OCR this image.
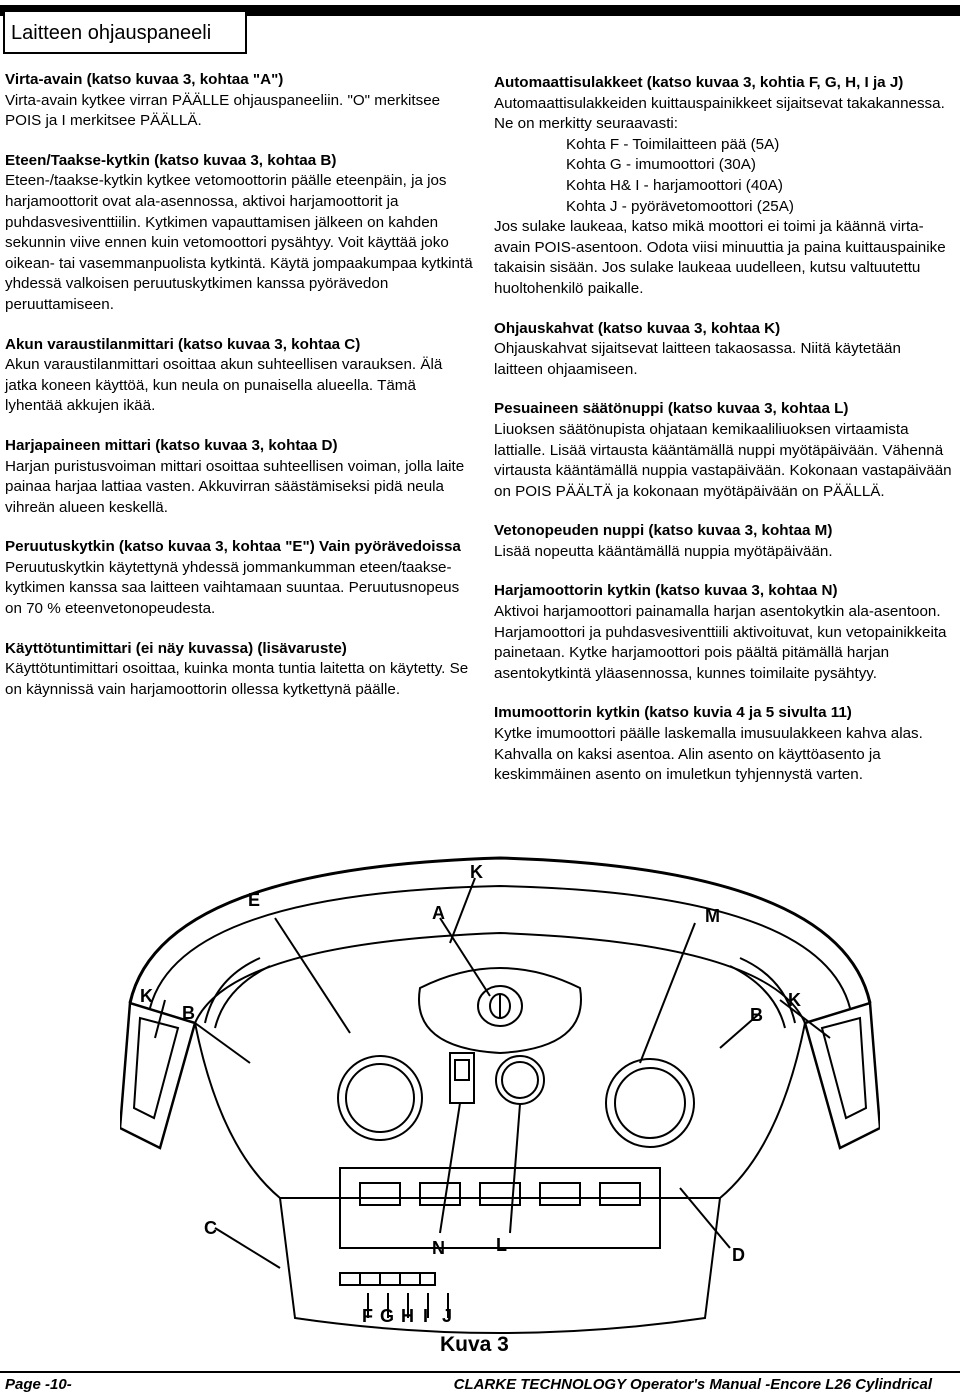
Laitteen ohjauspaneeli
Virta-avain (katso kuvaa 3, kohtaa "A")

Virta-avain kytkee virran PÄÄLLE ohjauspaneeliin. "O" merkitsee POIS ja I merkitsee PÄÄLLÄ.

Eteen/Taakse-kytkin (katso kuvaa 3, kohtaa B)

Eteen-/taakse-kytkin kytkee vetomoottorin päälle eteenpäin, ja jos harjamoottorit ovat ala-asennossa, aktivoi harjamoottorit ja puhdasvesiventtiilin. Kytkimen vapauttamisen jälkeen on kahden sekunnin viive ennen kuin vetomoottori pysähtyy. Voit käyttää joko oikean- tai vasemmanpuolista kytkintä. Käytä jompaakumpaa kytkintä yhdessä valkoisen peruutuskytkimen kanssa pyörävedon peruuttamiseen.

Akun varaustilanmittari (katso kuvaa 3, kohtaa C)

Akun varaustilanmittari osoittaa akun suhteellisen varauksen. Älä jatka koneen käyttöä, kun neula on punaisella alueella. Tämä lyhentää akkujen ikää.

Harjapaineen mittari (katso kuvaa 3, kohtaa D)

Harjan puristusvoiman mittari osoittaa suhteellisen voiman, jolla laite painaa harjaa lattiaa vasten. Akkuvirran säästämiseksi pidä neula vihreän alueen keskellä.

Peruutuskytkin (katso kuvaa 3, kohtaa "E") Vain pyörävedoissa

Peruutuskytkin käytettynä yhdessä jommankumman eteen/taakse-kytkimen kanssa saa laitteen vaihtamaan suuntaa. Peruutusnopeus on 70 % eteenvetonopeudesta.

Käyttötuntimittari (ei näy kuvassa) (lisävaruste)

Käyttötuntimittari osoittaa, kuinka monta tuntia laitetta on käytetty. Se on käynnissä vain harjamoottorin ollessa kytkettynä päälle.

Automaattisulakkeet (katso kuvaa 3, kohtia F, G, H, I ja J)

Automaattisulakkeiden kuittauspainikkeet sijaitsevat takakannessa. Ne on merkitty seuraavasti:

Kohta F - Toimilaitteen pää (5A)

Kohta G - imumoottori (30A)

Kohta H& I - harjamoottori (40A)

Kohta J - pyörävetomoottori (25A)

Jos sulake laukeaa, katso mikä moottori ei toimi ja käännä virta-avain POIS-asentoon. Odota viisi minuuttia ja paina kuittauspainike takaisin sisään. Jos sulake laukeaa uudelleen, kutsu valtuutettu huoltohenkilö paikalle.

Ohjauskahvat (katso kuvaa 3, kohtaa K)

Ohjauskahvat sijaitsevat laitteen takaosassa. Niitä käytetään laitteen ohjaamiseen.

Pesuaineen säätönuppi (katso kuvaa 3, kohtaa L)

Liuoksen säätönupista ohjataan kemikaaliliuoksen virtaamista lattialle. Lisää virtausta kääntämällä nuppi myötäpäivään. Vähennä virtausta kääntämällä nuppia vastapäivään. Kokonaan vastapäivään on POIS PÄÄLTÄ ja kokonaan myötäpäivään on PÄÄLLÄ.

Vetonopeuden nuppi (katso kuvaa 3, kohtaa M)

Lisää nopeutta kääntämällä nuppia myötäpäivään.

Harjamoottorin kytkin (katso kuvaa 3, kohtaa N)

Aktivoi harjamoottori painamalla harjan asentokytkin ala-asentoon. Harjamoottori ja puhdasvesiventtiili aktivoituvat, kun vetopainikkeita painetaan. Kytke harjamoottori pois päältä pitämällä harjan asentokytkintä yläasennossa, kunnes toimilaite pysähtyy.

Imumoottorin kytkin (katso kuvia 4 ja 5 sivulta 11)

Kytke imumoottori päälle laskemalla imusuulakkeen kahva alas. Kahvalla on kaksi asentoa. Alin asento on käyttöasento ja keskimmäinen asento on imuletkun tyhjennystä varten.

K
E
A	M
K
B	B
K
C
N	L	D
F G H I J
Kuva 3
Page -10-	CLARKE TECHNOLOGY Operator's Manual -Encore L26 Cylindrical
